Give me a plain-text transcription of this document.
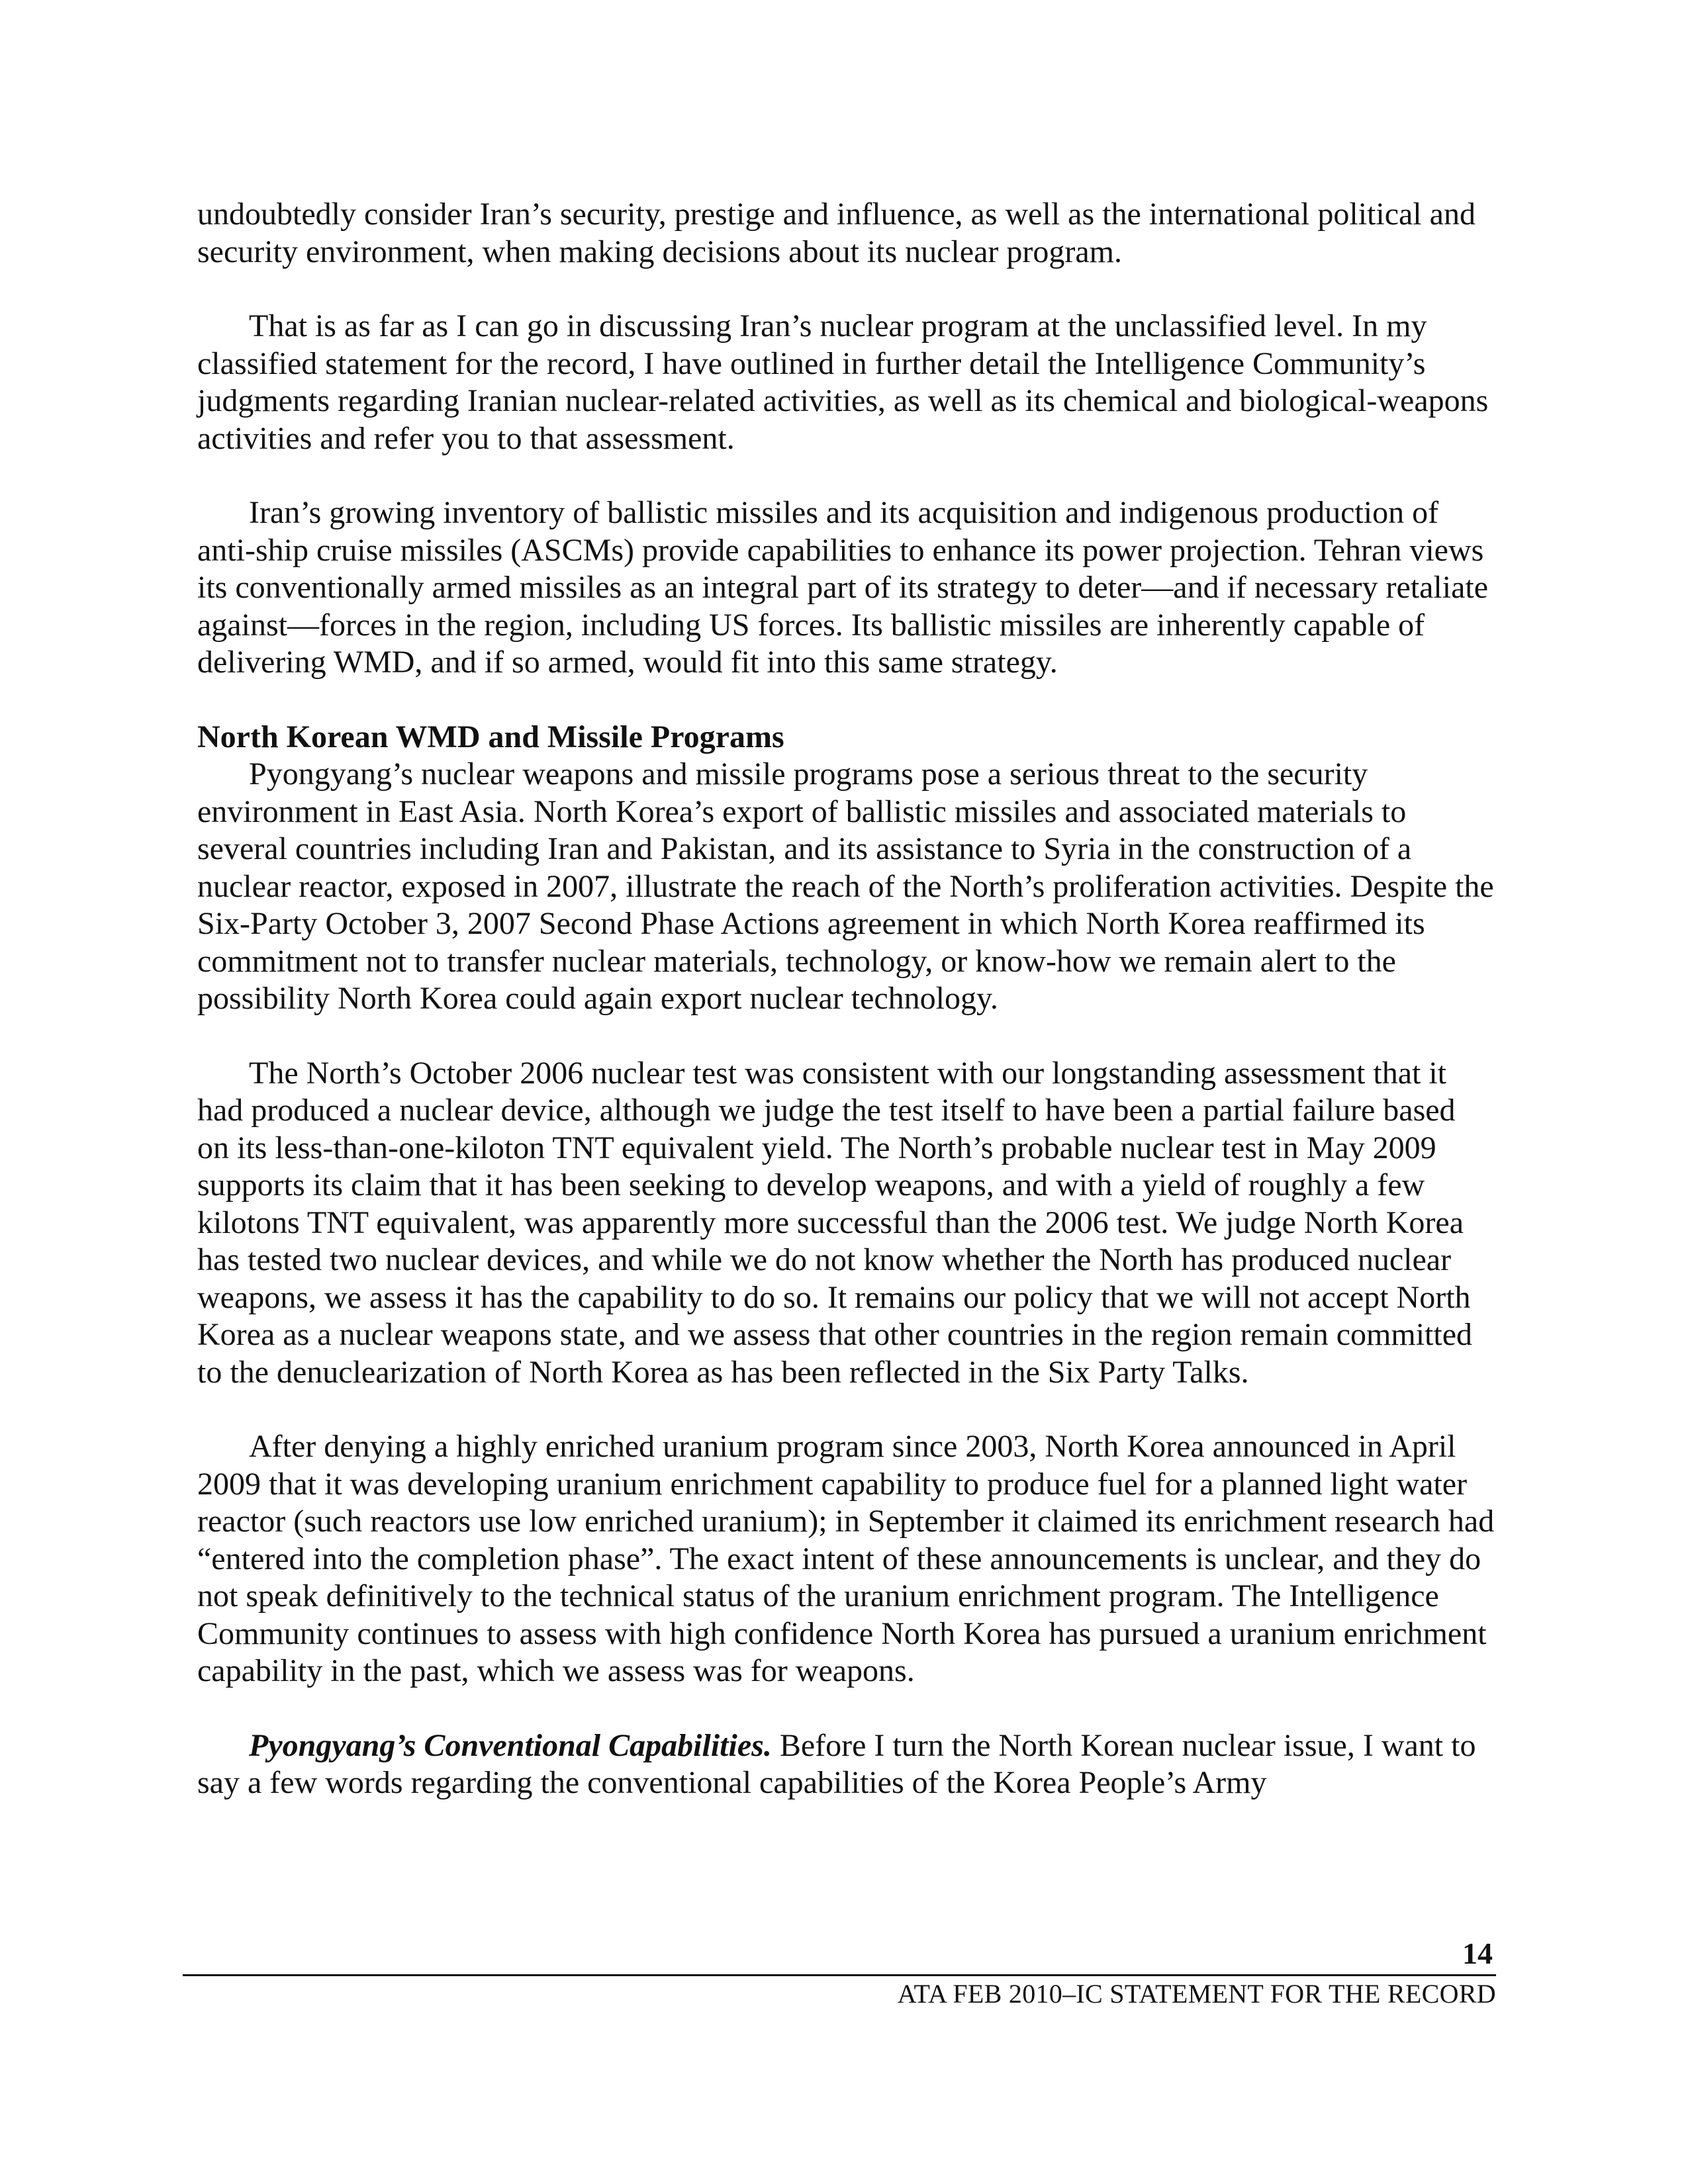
undoubtedly consider Iran’s security, prestige and influence, as well as the international political and security environment, when making decisions about its nuclear program.

That is as far as I can go in discussing Iran’s nuclear program at the unclassified level. In my classified statement for the record, I have outlined in further detail the Intelligence Community’s judgments regarding Iranian nuclear-related activities, as well as its chemical and biological-weapons activities and refer you to that assessment.

Iran’s growing inventory of ballistic missiles and its acquisition and indigenous production of anti-ship cruise missiles (ASCMs) provide capabilities to enhance its power projection. Tehran views its conventionally armed missiles as an integral part of its strategy to deter—and if necessary retaliate against—forces in the region, including US forces. Its ballistic missiles are inherently capable of delivering WMD, and if so armed, would fit into this same strategy.

North Korean WMD and Missile Programs

Pyongyang’s nuclear weapons and missile programs pose a serious threat to the security environment in East Asia. North Korea’s export of ballistic missiles and associated materials to several countries including Iran and Pakistan, and its assistance to Syria in the construction of a nuclear reactor, exposed in 2007, illustrate the reach of the North’s proliferation activities. Despite the Six-Party October 3, 2007 Second Phase Actions agreement in which North Korea reaffirmed its commitment not to transfer nuclear materials, technology, or know-how we remain alert to the possibility North Korea could again export nuclear technology.

The North’s October 2006 nuclear test was consistent with our longstanding assessment that it had produced a nuclear device, although we judge the test itself to have been a partial failure based on its less-than-one-kiloton TNT equivalent yield. The North’s probable nuclear test in May 2009 supports its claim that it has been seeking to develop weapons, and with a yield of roughly a few kilotons TNT equivalent, was apparently more successful than the 2006 test. We judge North Korea has tested two nuclear devices, and while we do not know whether the North has produced nuclear weapons, we assess it has the capability to do so. It remains our policy that we will not accept North Korea as a nuclear weapons state, and we assess that other countries in the region remain committed to the denuclearization of North Korea as has been reflected in the Six Party Talks.

After denying a highly enriched uranium program since 2003, North Korea announced in April 2009 that it was developing uranium enrichment capability to produce fuel for a planned light water reactor (such reactors use low enriched uranium); in September it claimed its enrichment research had “entered into the completion phase”. The exact intent of these announcements is unclear, and they do not speak definitively to the technical status of the uranium enrichment program. The Intelligence Community continues to assess with high confidence North Korea has pursued a uranium enrichment capability in the past, which we assess was for weapons.

Pyongyang’s Conventional Capabilities. Before I turn the North Korean nuclear issue, I want to say a few words regarding the conventional capabilities of the Korea People’s Army

14
ATA FEB 2010–IC STATEMENT FOR THE RECORD
